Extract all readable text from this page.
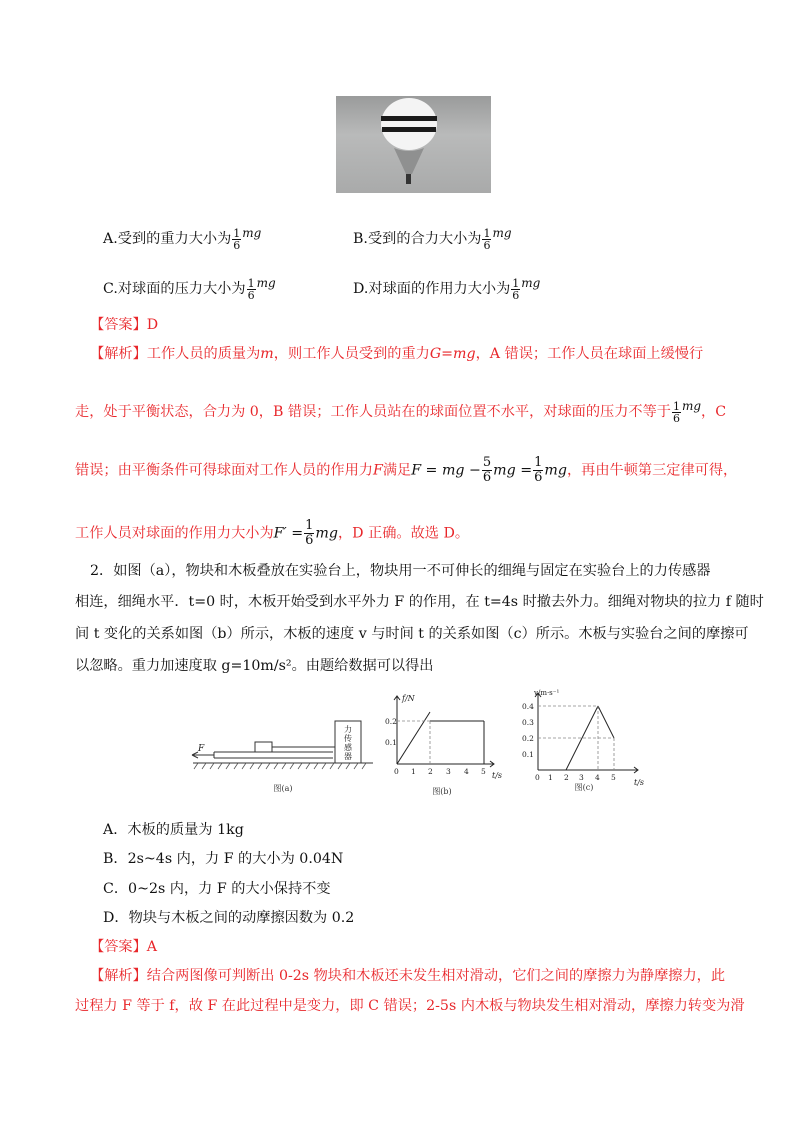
A.受到的重力大小为 $\frac{1}{6} ^{mg}$	B.受到的合力大小为 $\frac{1}{6} ^{mg}$
C.对球面的压力大小为 $\frac{1}{6} ^{mg}$	D.对球面的作用力大小为 $\frac{1}{6} ^{mg}$
【答案】D
【解析】工作人员的质量为m，则工作人员受到的重力G=mg，A 错误；工作人员在球面上缓慢行
走，处于平衡状态，合力为 0，B 错误；工作人员站在的球面位置不水平，对球面的压力不等于 $\frac{1}{6} ^{mg}$，C
错误；由平衡条件可得球面对工作人员的作用力F满足F = mg − $\frac{5}{6}$ mg = $\frac{1}{6}$ mg，再由牛顿第三定律可得，
工作人员对球面的作用力大小为$F' = \frac{1}{6}$ mg，D 正确。故选 D。
2．如图（a），物块和木板叠放在实验台上，物块用一不可伸长的细绳与固定在实验台上的力传感器
相连，细绳水平．t=0 时，木板开始受到水平外力 F 的作用，在 t=4s 时撤去外力。细绳对物块的拉力 f 随时
间 t 变化的关系如图（b）所示，木板的速度 v 与时间 t 的关系如图（c）所示。木板与实验台之间的摩擦可
以忽略。重力加速度取 g=10m/s²。由题给数据可以得出
F
力
传
感
器
图(a)
f/N
t/s
0.2
0.1
0 1 2 3 4 5
图(b)
v/m·s⁻¹
t/s
0.4
0.3
0.2
0.1
0 1 2 3 4 5
图(c)
A．木板的质量为 1kg
B．2s~4s 内，力 F 的大小为 0.04N
C．0~2s 内，力 F 的大小保持不变
D．物块与木板之间的动摩擦因数为 0.2
【答案】A
【解析】结合两图像可判断出 0-2s 物块和木板还未发生相对滑动，它们之间的摩擦力为静摩擦力，此
过程力 F 等于 f，故 F 在此过程中是变力，即 C 错误；2-5s 内木板与物块发生相对滑动，摩擦力转变为滑
